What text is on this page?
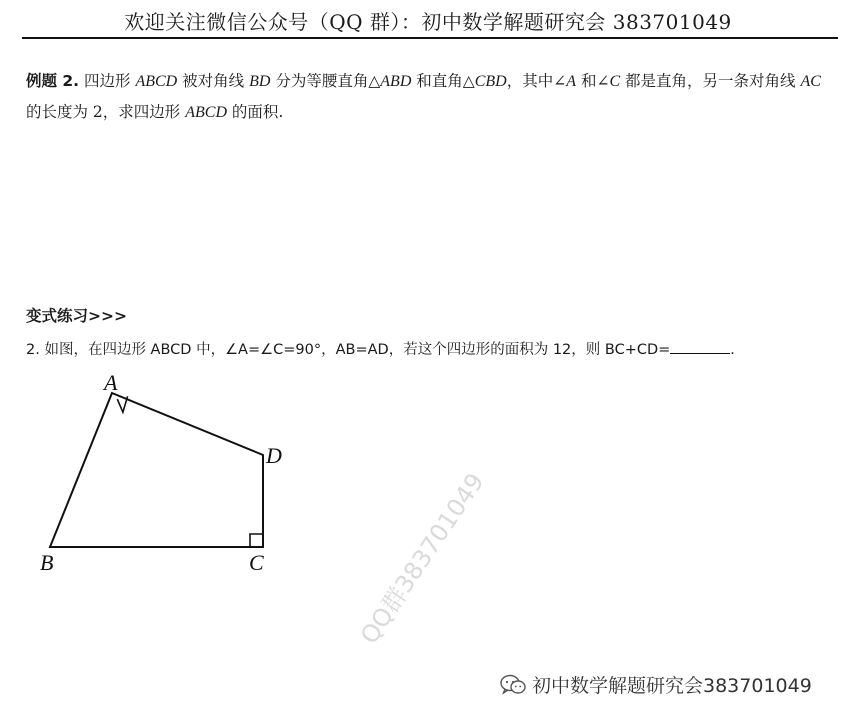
欢迎关注微信公众号（QQ 群）：初中数学解题研究会 383701049
例题 2. 四边形 ABCD 被对角线 BD 分为等腰直角△ABD 和直角△CBD，其中∠A 和∠C 都是直角，另一条对角线 AC 的长度为 2，求四边形 ABCD 的面积.
变式练习>>>
2. 如图，在四边形 ABCD 中，∠A=∠C=90°，AB=AD，若这个四边形的面积为 12，则 BC+CD=	.
A
B	C
D
QQ群383701049
初中数学解题研究会383701049
